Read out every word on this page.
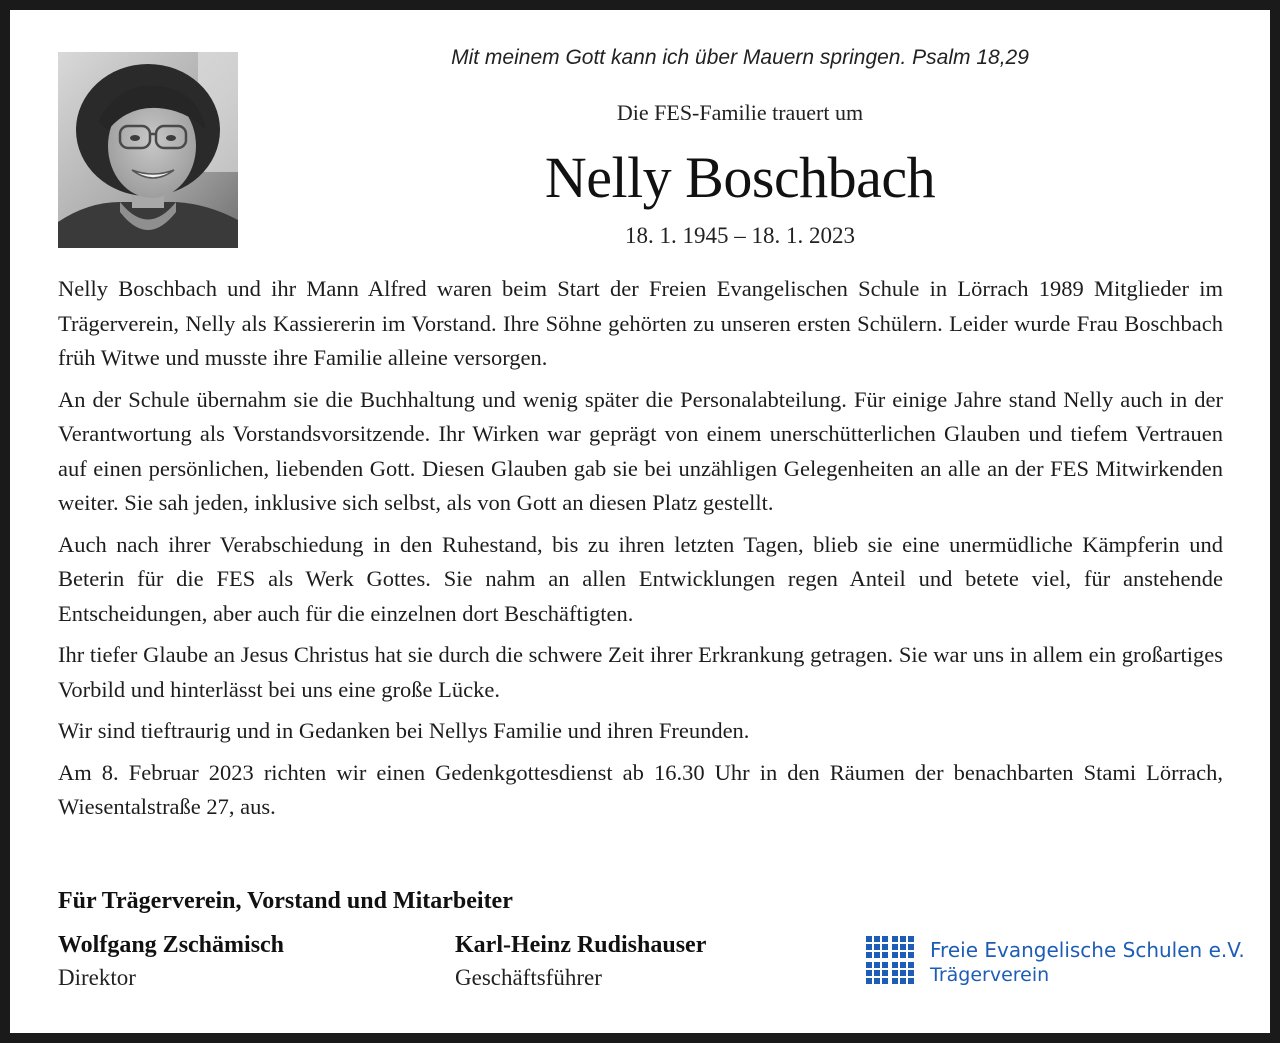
Mit meinem Gott kann ich über Mauern springen. Psalm 18,29
Die FES-Familie trauert um
Nelly Boschbach
18. 1. 1945 – 18. 1. 2023

Nelly Boschbach und ihr Mann Alfred waren beim Start der Freien Evangelischen Schule in Lörrach 1989 Mitglieder im Trägerverein, Nelly als Kassiererin im Vorstand. Ihre Söhne gehörten zu unseren ersten Schülern. Leider wurde Frau Boschbach früh Witwe und musste ihre Familie alleine versorgen.

An der Schule übernahm sie die Buchhaltung und wenig später die Personalabteilung. Für einige Jahre stand Nelly auch in der Verantwortung als Vorstandsvorsitzende. Ihr Wirken war geprägt von einem unerschütterlichen Glauben und tiefem Vertrauen auf einen persönlichen, liebenden Gott. Diesen Glauben gab sie bei unzähligen Gelegenheiten an alle an der FES Mitwirkenden weiter. Sie sah jeden, inklusive sich selbst, als von Gott an diesen Platz gestellt.

Auch nach ihrer Verabschiedung in den Ruhestand, bis zu ihren letzten Tagen, blieb sie eine unermüdliche Kämpferin und Beterin für die FES als Werk Gottes. Sie nahm an allen Entwicklungen regen Anteil und betete viel, für anstehende Entscheidungen, aber auch für die einzelnen dort Beschäftigten.

Ihr tiefer Glaube an Jesus Christus hat sie durch die schwere Zeit ihrer Erkrankung getragen. Sie war uns in allem ein großartiges Vorbild und hinterlässt bei uns eine große Lücke.

Wir sind tieftraurig und in Gedanken bei Nellys Familie und ihren Freunden.

Am 8. Februar 2023 richten wir einen Gedenkgottesdienst ab 16.30 Uhr in den Räumen der benachbarten Stami Lörrach, Wiesentalstraße 27, aus.

Für Trägerverein, Vorstand und Mitarbeiter
Wolfgang Zschämisch
Direktor
Karl-Heinz Rudishauser
Geschäftsführer
Freie Evangelische Schulen e.V.
Trägerverein
